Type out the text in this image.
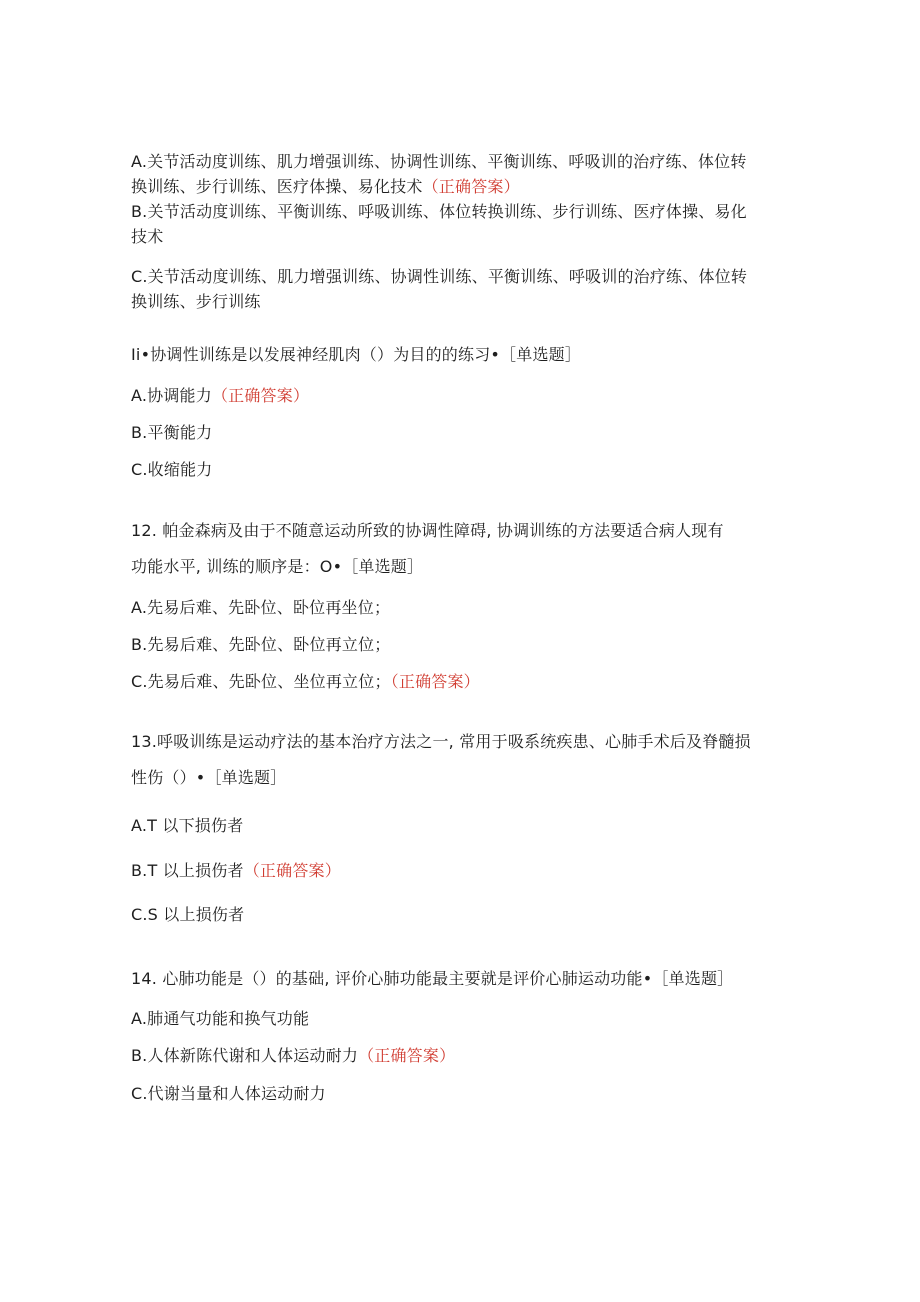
A.关节活动度训练、肌力增强训练、协调性训练、平衡训练、呼吸训的治疗练、体位转
换训练、步行训练、医疗体操、易化技术（正确答案）
B.关节活动度训练、平衡训练、呼吸训练、体位转换训练、步行训练、医疗体操、易化
技术
C.关节活动度训练、肌力增强训练、协调性训练、平衡训练、呼吸训的治疗练、体位转
换训练、步行训练
Ii•协调性训练是以发展神经肌肉（）为目的的练习•［单选题］
A.协调能力（正确答案）
B.平衡能力
C.收缩能力
12. 帕金森病及由于不随意运动所致的协调性障碍, 协调训练的方法要适合病人现有
功能水平, 训练的顺序是：O•［单选题］
A.先易后难、先卧位、卧位再坐位；
B.先易后难、先卧位、卧位再立位；
C.先易后难、先卧位、坐位再立位；（正确答案）
13.呼吸训练是运动疗法的基本治疗方法之一, 常用于吸系统疾患、心肺手术后及脊髓损
性伤（）•［单选题］
A.T 以下损伤者
B.T 以上损伤者（正确答案）
C.S 以上损伤者
14. 心肺功能是（）的基础, 评价心肺功能最主要就是评价心肺运动功能•［单选题］
A.肺通气功能和换气功能
B.人体新陈代谢和人体运动耐力（正确答案）
C.代谢当量和人体运动耐力
